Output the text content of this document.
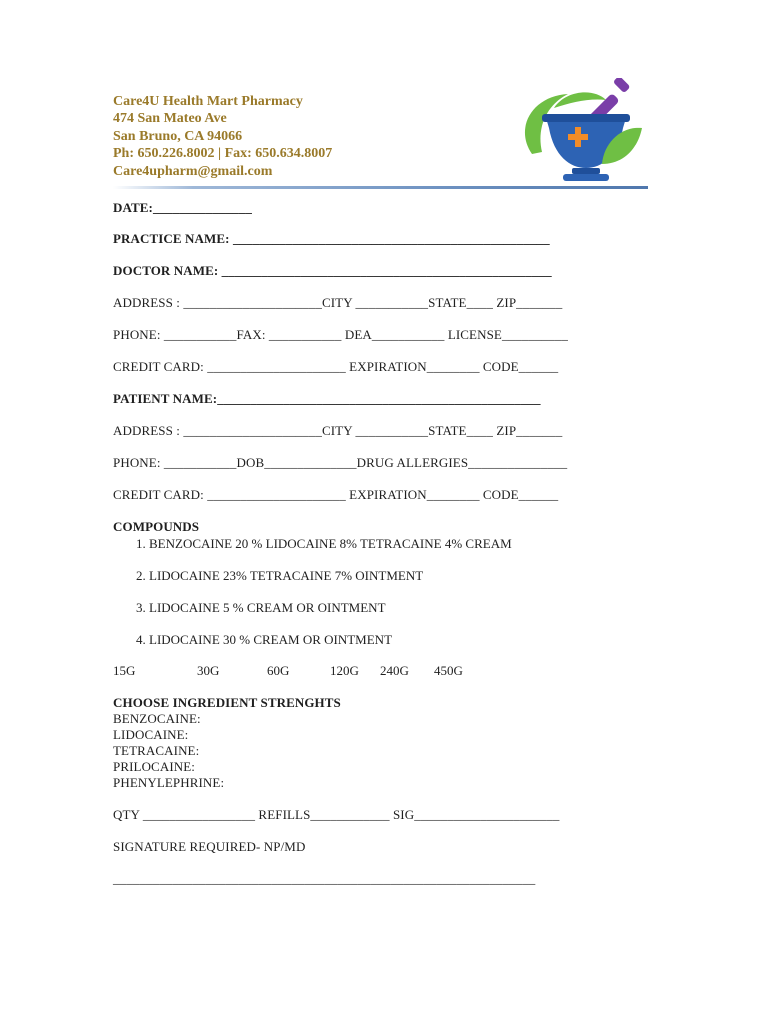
Care4U Health Mart Pharmacy
474 San Mateo Ave
San Bruno, CA 94066
Ph: 650.226.8002 | Fax: 650.634.8007
Care4upharm@gmail.com
DATE:_______________
PRACTICE NAME: ________________________________________________
DOCTOR NAME: __________________________________________________
ADDRESS : _____________________CITY ___________STATE____ ZIP_______
PHONE: ___________FAX: ___________ DEA___________ LICENSE__________
CREDIT CARD: _____________________ EXPIRATION________ CODE______
PATIENT NAME:_________________________________________________
ADDRESS : _____________________CITY ___________STATE____ ZIP_______
PHONE: ___________DOB______________DRUG ALLERGIES_______________
CREDIT CARD: _____________________ EXPIRATION________ CODE______
COMPOUNDS
1. BENZOCAINE 20 % LIDOCAINE 8% TETRACAINE 4% CREAM
2. LIDOCAINE 23% TETRACAINE 7% OINTMENT
3. LIDOCAINE 5 % CREAM OR OINTMENT
4. LIDOCAINE 30 % CREAM OR OINTMENT
15G	30G	60G	120G 240G 450G
CHOOSE INGREDIENT STRENGHTS
BENZOCAINE:
LIDOCAINE:
TETRACAINE:
PRILOCAINE:
PHENYLEPHRINE:
QTY _________________ REFILLS____________ SIG______________________
SIGNATURE REQUIRED- NP/MD
________________________________________________________________
